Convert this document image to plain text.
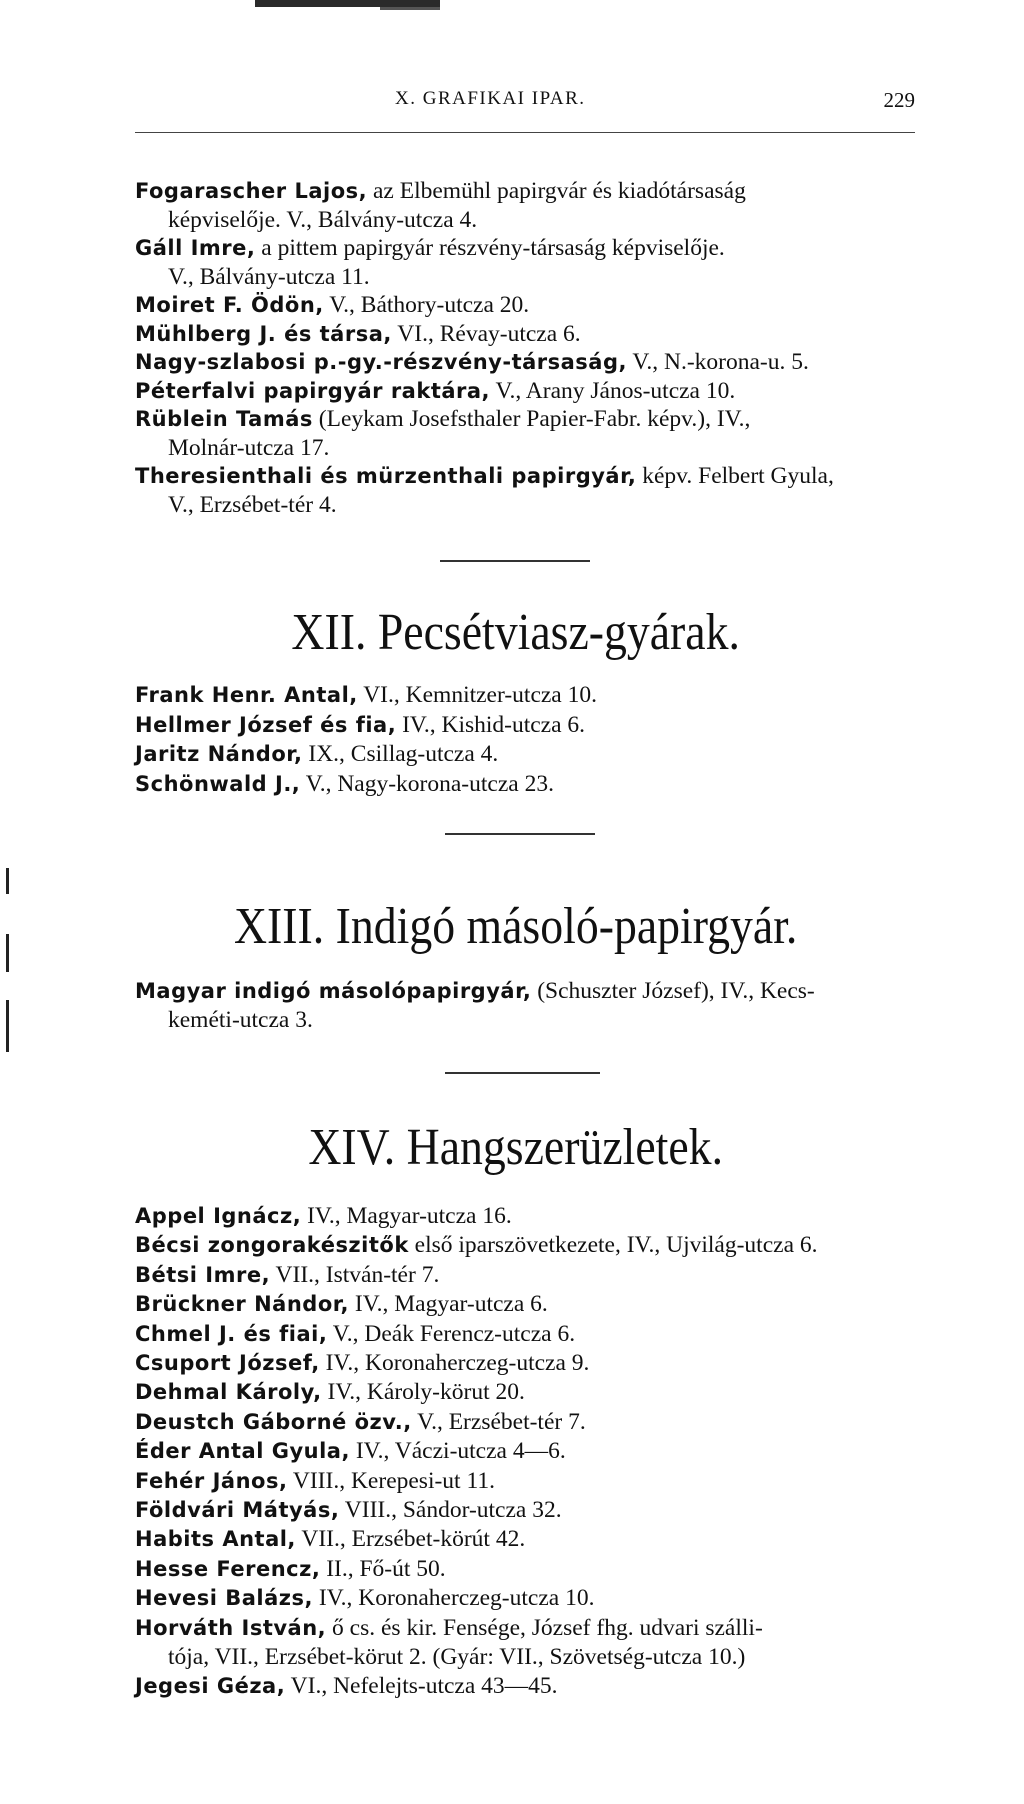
X. GRAFIKAI IPAR.	229
Fogarascher Lajos, az Elbemühl papirgvár és kiadótársaság
képviselője. V., Bálvány-utcza 4.
Gáll Imre, a pittem papirgyár részvény-társaság képviselője.
V., Bálvány-utcza 11.
Moiret F. Ödön, V., Báthory-utcza 20.
Mühlberg J. és társa, VI., Révay-utcza 6.
Nagy-szlabosi p.-gy.-részvény-társaság, V., N.-korona-u. 5.
Péterfalvi papirgyár raktára, V., Arany János-utcza 10.
Rüblein Tamás (Leykam Josefsthaler Papier-Fabr. képv.), IV.,
Molnár-utcza 17.
Theresienthali és mürzenthali papirgyár, képv. Felbert Gyula,
V., Erzsébet-tér 4.
XII. Pecsétviasz-gyárak.
Frank Henr. Antal, VI., Kemnitzer-utcza 10.
Hellmer József és fia, IV., Kishid-utcza 6.
Jaritz Nándor, IX., Csillag-utcza 4.
Schönwald J., V., Nagy-korona-utcza 23.
XIII. Indigó másoló-papirgyár.
Magyar indigó másolópapirgyár, (Schuszter József), IV., Kecs-
keméti-utcza 3.
XIV. Hangszerüzletek.
Appel Ignácz, IV., Magyar-utcza 16.
Bécsi zongorakészitők első iparszövetkezete, IV., Ujvilág-utcza 6.
Bétsi Imre, VII., István-tér 7.
Brückner Nándor, IV., Magyar-utcza 6.
Chmel J. és fiai, V., Deák Ferencz-utcza 6.
Csuport József, IV., Koronaherczeg-utcza 9.
Dehmal Károly, IV., Károly-körut 20.
Deustch Gáborné özv., V., Erzsébet-tér 7.
Éder Antal Gyula, IV., Váczi-utcza 4—6.
Fehér János, VIII., Kerepesi-ut 11.
Földvári Mátyás, VIII., Sándor-utcza 32.
Habits Antal, VII., Erzsébet-körút 42.
Hesse Ferencz, II., Fő-út 50.
Hevesi Balázs, IV., Koronaherczeg-utcza 10.
Horváth István, ő cs. és kir. Fensége, József fhg. udvari szálli-
tója, VII., Erzsébet-körut 2. (Gyár: VII., Szövetség-utcza 10.)
Jegesi Géza, VI., Nefelejts-utcza 43—45.
